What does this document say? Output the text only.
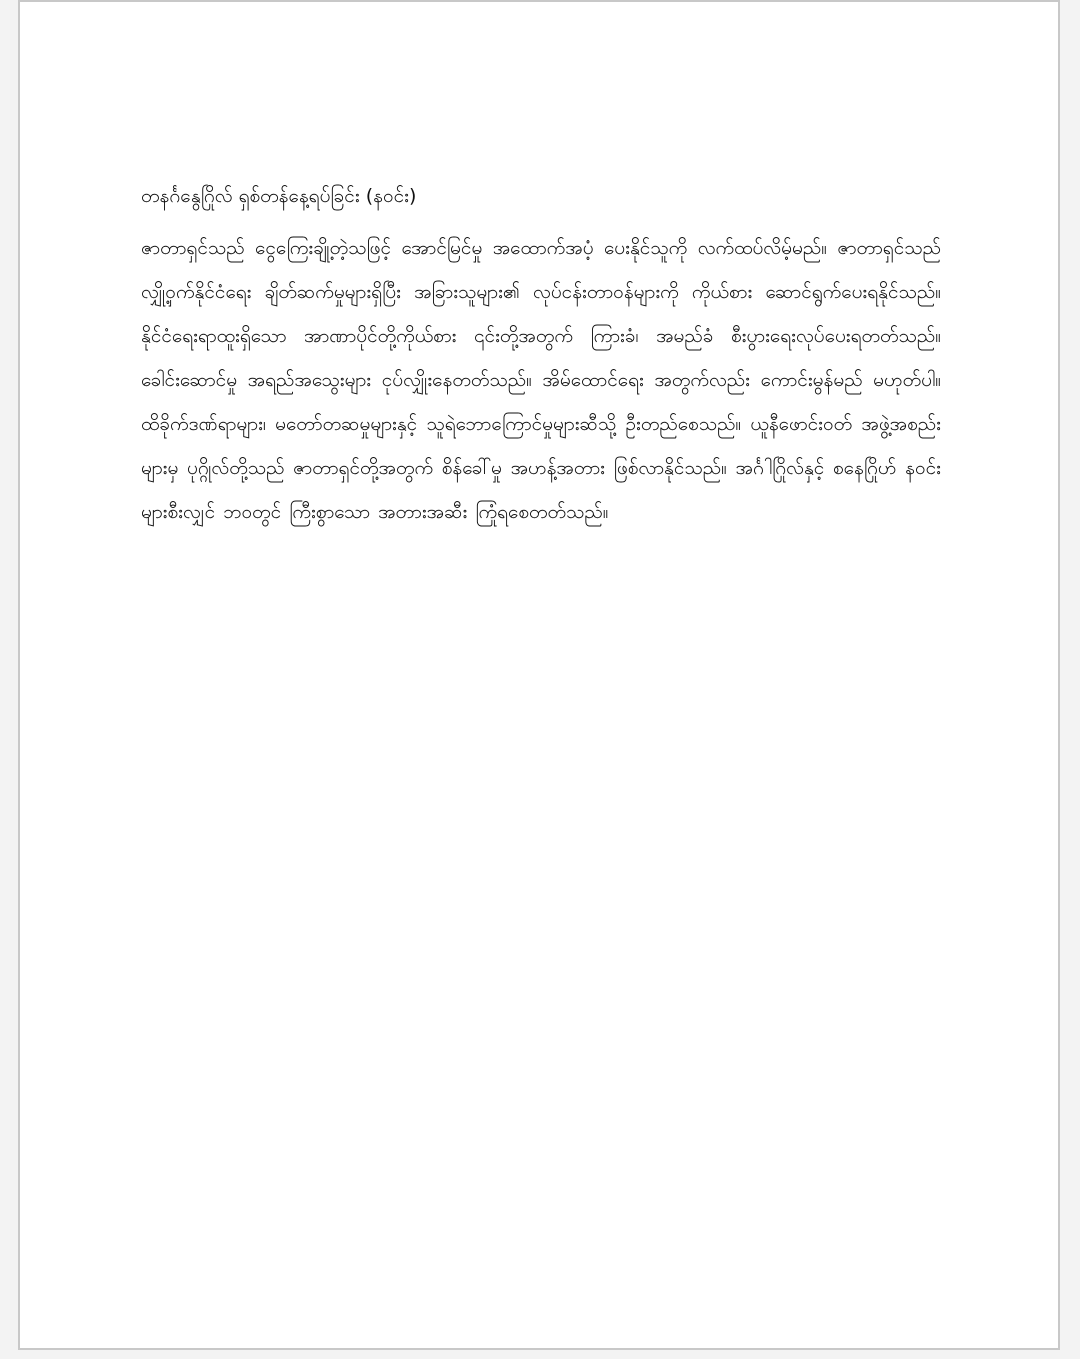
တနင်္ဂနွေဂြိုလ် ရှစ်တန်နေ့ရပ်ခြင်း (နဝင်း)

ဇာတာရှင်သည် ငွေကြေးချို့တဲ့သဖြင့် အောင်မြင်မှု အထောက်အပံ့ ပေးနိုင်သူကို လက်ထပ်လိမ့်မည်။ ဇာတာရှင်သည် လျှို့ဝှက်နိုင်ငံရေး ချိတ်ဆက်မှုများရှိပြီး အခြားသူများ၏ လုပ်ငန်းတာဝန်များကို ကိုယ်စား ဆောင်ရွက်ပေးရနိုင်သည်။ နိုင်ငံရေးရာထူးရှိသော အာဏာပိုင်တို့ကိုယ်စား ၎င်းတို့အတွက် ကြားခံ၊ အမည်ခံ စီးပွားရေးလုပ်ပေးရတတ်သည်။ ခေါင်းဆောင်မှု အရည်အသွေးများ ငုပ်လျှိုးနေတတ်သည်။ အိမ်ထောင်ရေး အတွက်လည်း ကောင်းမွန်မည် မဟုတ်ပါ။ ထိခိုက်ဒဏ်ရာများ၊ မတော်တဆမှုများနှင့် သူရဲဘောကြောင်မှုများဆီသို့ ဦးတည်စေသည်။ ယူနီဖောင်းဝတ် အဖွဲ့အစည်းများမှ ပုဂ္ဂိုလ်တို့သည် ဇာတာရှင်တို့အတွက် စိန်ခေါ်မှု အဟန့်အတား ဖြစ်လာနိုင်သည်။ အင်္ဂါဂြိုလ်နှင့် စနေဂြိုဟ် နဝင်းများစီးလျှင် ဘဝတွင် ကြီးစွာသော အတားအဆီး ကြုံရစေတတ်သည်။
